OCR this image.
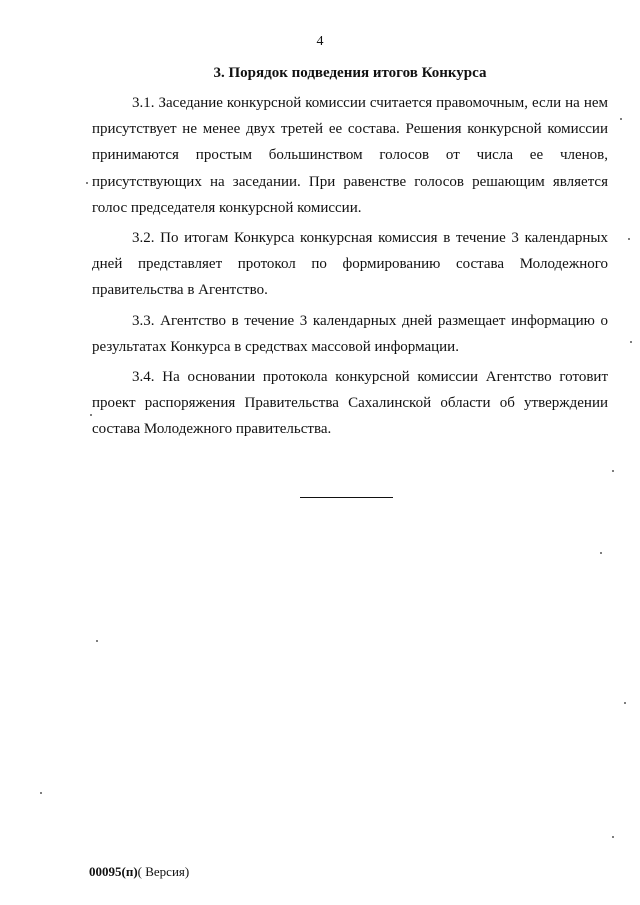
4
3. Порядок подведения итогов Конкурса

3.1. Заседание конкурсной комиссии считается правомочным, если на нем присутствует не менее двух третей ее состава. Решения конкурсной комиссии принимаются простым большинством голосов от числа ее членов, присутствующих на заседании. При равенстве голосов решающим является голос председателя конкурсной комиссии.

3.2. По итогам Конкурса конкурсная комиссия в течение 3 календарных дней представляет протокол по формированию состава Молодежного правительства в Агентство.

3.3. Агентство в течение 3 календарных дней размещает информацию о результатах Конкурса в средствах массовой информации.

3.4. На основании протокола конкурсной комиссии Агентство готовит проект распоряжения Правительства Сахалинской области об утверждении состава Молодежного правительства.

00095(п)( Версия)
